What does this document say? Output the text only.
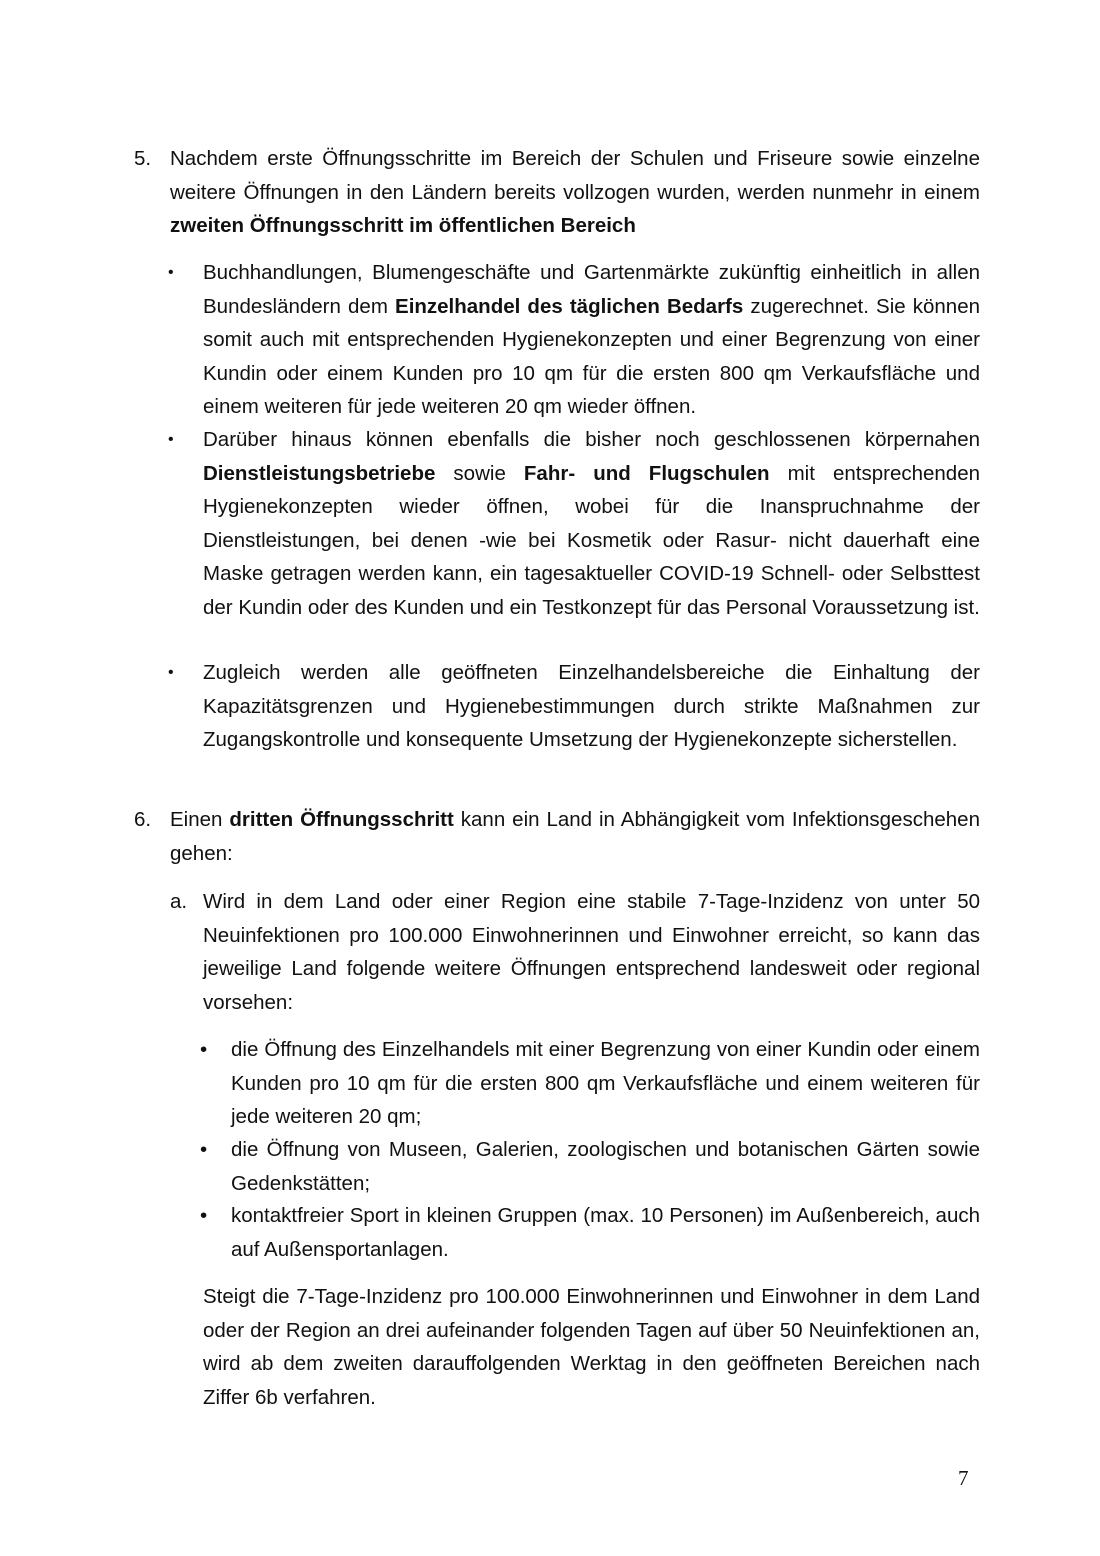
5. Nachdem erste Öffnungsschritte im Bereich der Schulen und Friseure sowie einzelne weitere Öffnungen in den Ländern bereits vollzogen wurden, werden nunmehr in einem zweiten Öffnungsschritt im öffentlichen Bereich

•	Buchhandlungen, Blumengeschäfte und Gartenmärkte zukünftig einheitlich in allen Bundesländern dem Einzelhandel des täglichen Bedarfs zugerechnet. Sie können somit auch mit entsprechenden Hygienekonzepten und einer Begrenzung von einer Kundin oder einem Kunden pro 10 qm für die ersten 800 qm Verkaufsfläche und einem weiteren für jede weiteren 20 qm wieder öffnen.

•	Darüber hinaus können ebenfalls die bisher noch geschlossenen körpernahen Dienstleistungsbetriebe sowie Fahr- und Flugschulen mit entsprechenden Hygienekonzepten wieder öffnen, wobei für die Inanspruchnahme der Dienstleistungen, bei denen -wie bei Kosmetik oder Rasur- nicht dauerhaft eine Maske getragen werden kann, ein tagesaktueller COVID-19 Schnell- oder Selbsttest der Kundin oder des Kunden und ein Testkonzept für das Personal Voraussetzung ist.

•	Zugleich werden alle geöffneten Einzelhandelsbereiche die Einhaltung der Kapazitätsgrenzen und Hygienebestimmungen durch strikte Maßnahmen zur Zugangskontrolle und konsequente Umsetzung der Hygienekonzepte sicherstellen.

6. Einen dritten Öffnungsschritt kann ein Land in Abhängigkeit vom Infektionsgeschehen gehen:

a. Wird in dem Land oder einer Region eine stabile 7-Tage-Inzidenz von unter 50 Neuinfektionen pro 100.000 Einwohnerinnen und Einwohner erreicht, so kann das jeweilige Land folgende weitere Öffnungen entsprechend landesweit oder regional vorsehen:

•	die Öffnung des Einzelhandels mit einer Begrenzung von einer Kundin oder einem Kunden pro 10 qm für die ersten 800 qm Verkaufsfläche und einem weiteren für jede weiteren 20 qm;

•	die Öffnung von Museen, Galerien, zoologischen und botanischen Gärten sowie Gedenkstätten;

•	kontaktfreier Sport in kleinen Gruppen (max. 10 Personen) im Außenbereich, auch auf Außensportanlagen.

Steigt die 7-Tage-Inzidenz pro 100.000 Einwohnerinnen und Einwohner in dem Land oder der Region an drei aufeinander folgenden Tagen auf über 50 Neuinfektionen an, wird ab dem zweiten darauffolgenden Werktag in den geöffneten Bereichen nach Ziffer 6b verfahren.

7
